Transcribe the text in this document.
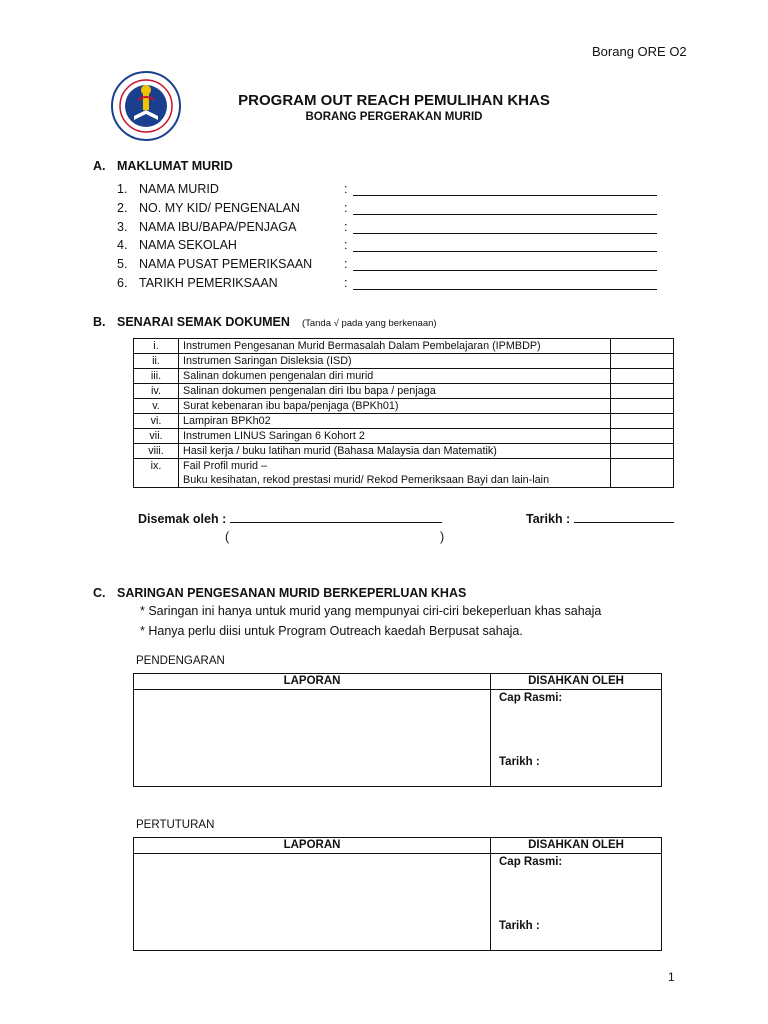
Borang ORE O2
PROGRAM OUT REACH PEMULIHAN KHAS
BORANG PERGERAKAN MURID
A. MAKLUMAT MURID
1. NAMA MURID	:
2. NO. MY KID/ PENGENALAN	:
3. NAMA IBU/BAPA/PENJAGA	:
4. NAMA SEKOLAH	:
5. NAMA PUSAT PEMERIKSAAN	:
6. TARIKH PEMERIKSAAN	:
B. SENARAI SEMAK DOKUMEN (Tanda √ pada yang berkenaan)
i.	Instrumen Pengesanan Murid Bermasalah Dalam Pembelajaran (IPMBDP)	
ii.	Instrumen Saringan Disleksia (ISD)	
iii.	Salinan dokumen pengenalan diri murid	
iv.	Salinan dokumen pengenalan diri Ibu bapa / penjaga	
v.	Surat kebenaran ibu bapa/penjaga (BPKh01)	
vi.	Lampiran BPKh02	
vii.	Instrumen LINUS Saringan 6 Kohort 2	
viii.	Hasil kerja / buku latihan murid (Bahasa Malaysia dan Matematik)	
ix.	Fail Profil murid –
Buku kesihatan, rekod prestasi murid/ Rekod Pemeriksaan Bayi dan lain-lain	

Disemak oleh :	Tarikh :
(	)
C. SARINGAN PENGESANAN MURID BERKEPERLUAN KHAS
* Saringan ini hanya untuk murid yang mempunyai ciri-ciri bekeperluan khas sahaja
* Hanya perlu diisi untuk Program Outreach kaedah Berpusat sahaja.
PENDENGARAN
LAPORAN	DISAHKAN OLEH

	Cap Rasmi:
Tarikh :
PERTUTURAN
LAPORAN	DISAHKAN OLEH

	Cap Rasmi:
Tarikh :
1
